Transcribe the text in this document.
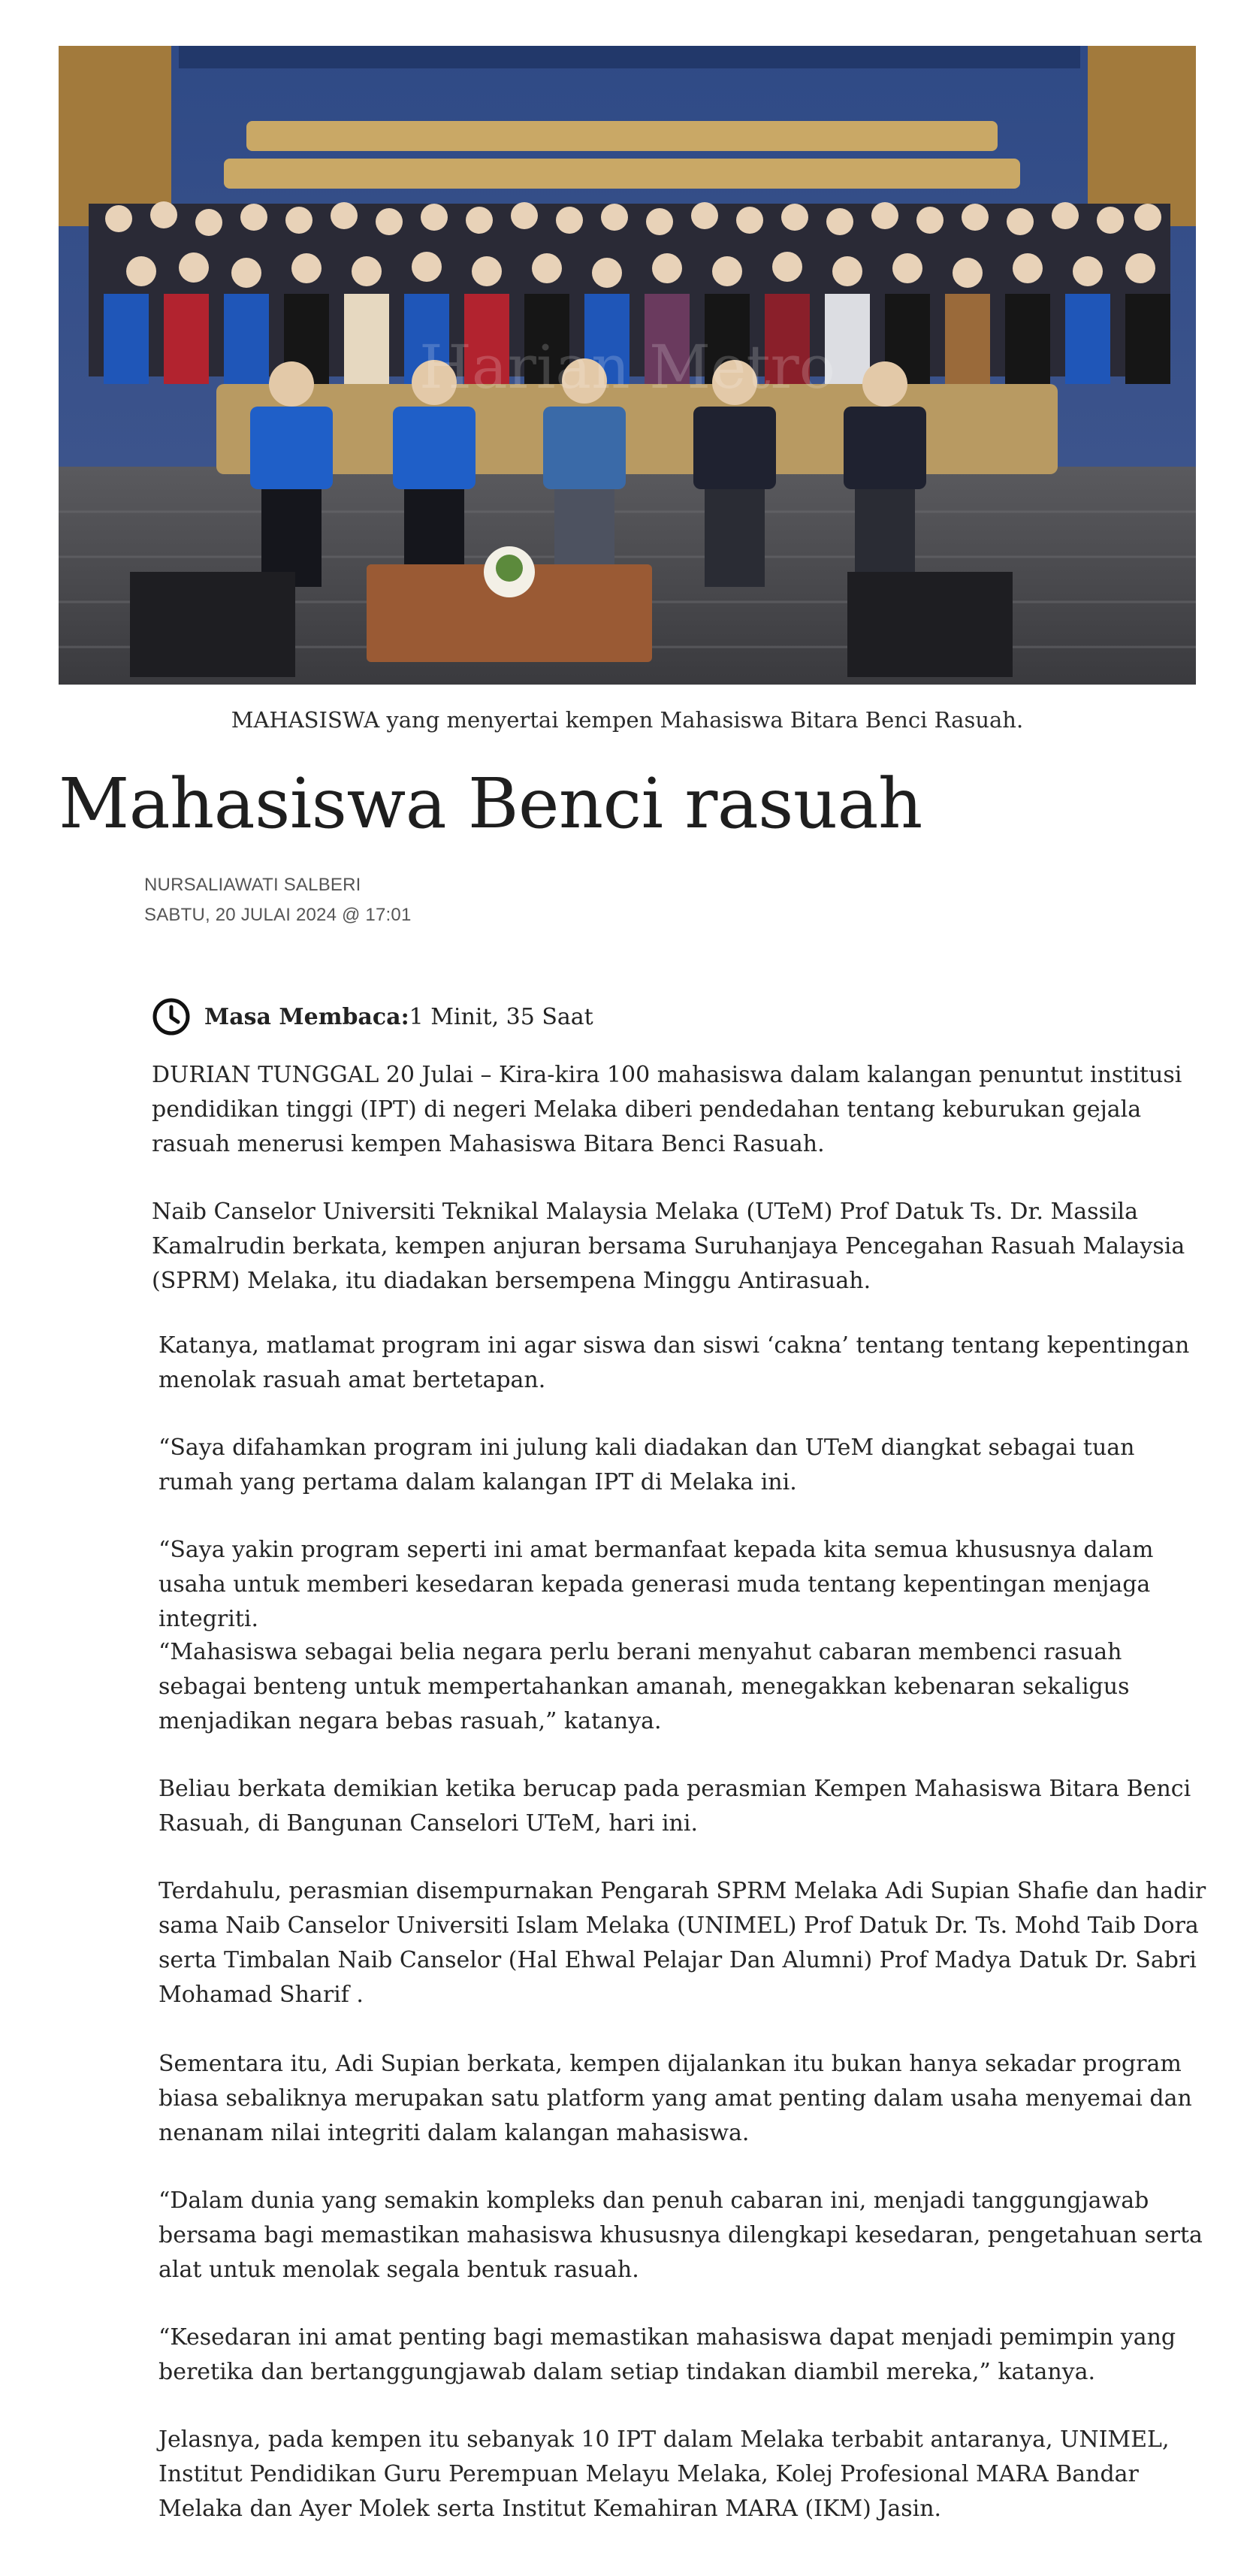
Harian Metro
MAHASISWA yang menyertai kempen Mahasiswa Bitara Benci Rasuah.
Mahasiswa Benci rasuah
NURSALIAWATI SALBERI
SABTU, 20 JULAI 2024 @ 17:01
Masa Membaca: 1 Minit, 35 Saat

DURIAN TUNGGAL 20 Julai – Kira-kira 100 mahasiswa dalam kalangan penuntut institusi pendidikan tinggi (IPT) di negeri Melaka diberi pendedahan tentang keburukan gejala rasuah menerusi kempen Mahasiswa Bitara Benci Rasuah.

Naib Canselor Universiti Teknikal Malaysia Melaka (UTeM) Prof Datuk Ts. Dr. Massila Kamalrudin berkata, kempen anjuran bersama Suruhanjaya Pencegahan Rasuah Malaysia (SPRM) Melaka, itu diadakan bersempena Minggu Antirasuah.

Katanya, matlamat program ini agar siswa dan siswi ‘cakna’ tentang tentang kepentingan menolak rasuah amat bertetapan.

“Saya difahamkan program ini julung kali diadakan dan UTeM diangkat sebagai tuan rumah yang pertama dalam kalangan IPT di Melaka ini.

“Saya yakin program seperti ini amat bermanfaat kepada kita semua khususnya dalam usaha untuk memberi kesedaran kepada generasi muda tentang kepentingan menjaga integriti.

“Mahasiswa sebagai belia negara perlu berani menyahut cabaran membenci rasuah sebagai benteng untuk mempertahankan amanah, menegakkan kebenaran sekaligus menjadikan negara bebas rasuah,” katanya.

Beliau berkata demikian ketika berucap pada perasmian Kempen Mahasiswa Bitara Benci Rasuah, di Bangunan Canselori UTeM, hari ini.

Terdahulu, perasmian disempurnakan Pengarah SPRM Melaka Adi Supian Shafie dan hadir sama Naib Canselor Universiti Islam Melaka (UNIMEL) Prof Datuk Dr. Ts. Mohd Taib Dora serta Timbalan Naib Canselor (Hal Ehwal Pelajar Dan Alumni) Prof Madya Datuk Dr. Sabri Mohamad Sharif .

Sementara itu, Adi Supian berkata, kempen dijalankan itu bukan hanya sekadar program biasa sebaliknya merupakan satu platform yang amat penting dalam usaha menyemai dan nenanam nilai integriti dalam kalangan mahasiswa.

“Dalam dunia yang semakin kompleks dan penuh cabaran ini, menjadi tanggungjawab bersama bagi memastikan mahasiswa khususnya dilengkapi kesedaran, pengetahuan serta alat untuk menolak segala bentuk rasuah.

“Kesedaran ini amat penting bagi memastikan mahasiswa dapat menjadi pemimpin yang beretika dan bertanggungjawab dalam setiap tindakan diambil mereka,” katanya.

Jelasnya, pada kempen itu sebanyak 10 IPT dalam Melaka terbabit antaranya, UNIMEL, Institut Pendidikan Guru Perempuan Melayu Melaka, Kolej Profesional MARA Bandar Melaka dan Ayer Molek serta Institut Kemahiran MARA (IKM) Jasin.
